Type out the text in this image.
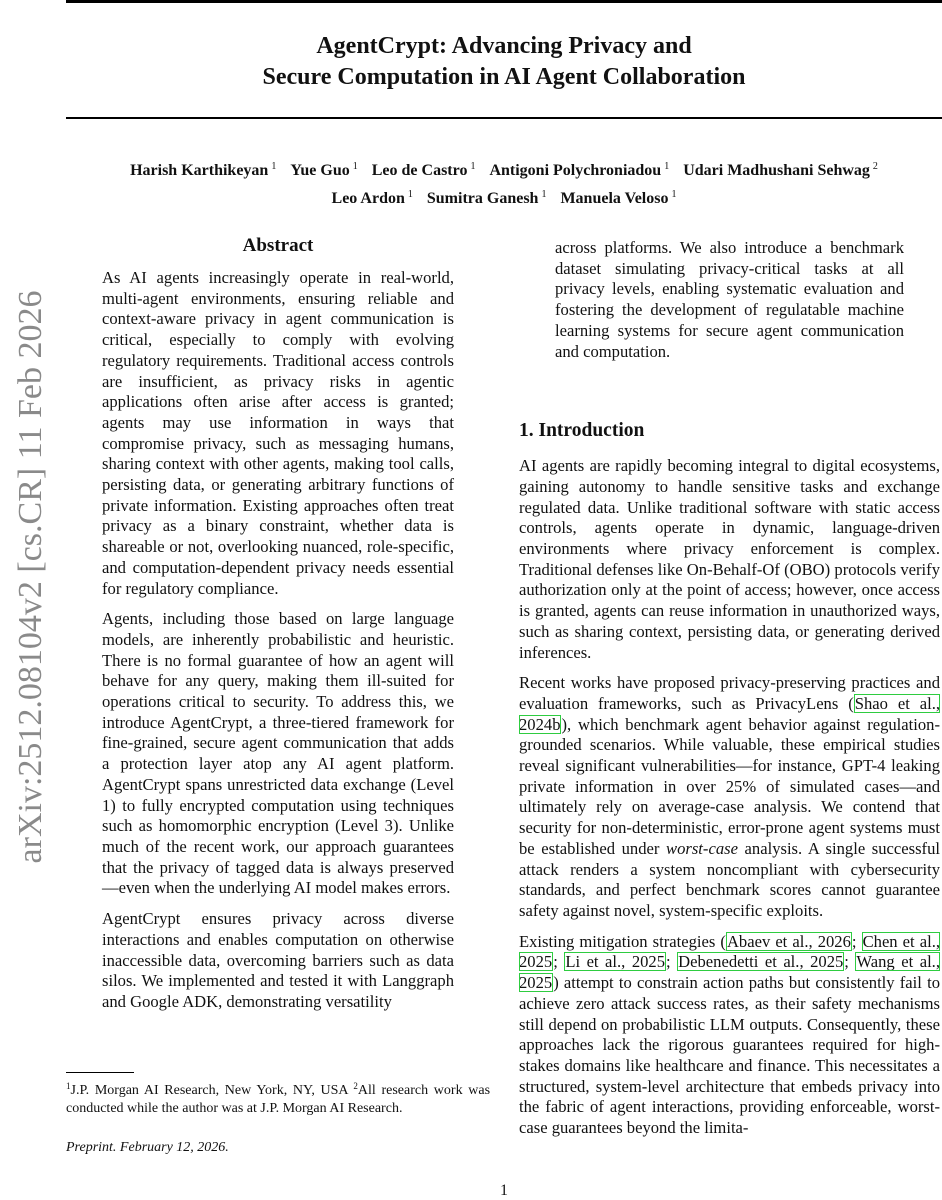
AgentCrypt: Advancing Privacy and
Secure Computation in AI Agent Collaboration
Harish Karthikeyan $^1$ Yue Guo $^1$ Leo de Castro $^1$ Antigoni Polychroniadou $^1$ Udari Madhushani Sehwag $^2$
Leo Ardon $^1$ Sumitra Ganesh $^1$ Manuela Veloso $^1$
arXiv:2512.08104v2 [cs.CR] 11 Feb 2026
Abstract

As AI agents increasingly operate in real-world, multi-agent environments, ensuring reliable and context-aware privacy in agent communication is critical, especially to comply with evolving regulatory requirements. Traditional access controls are insufficient, as privacy risks in agentic applications often arise after access is granted; agents may use information in ways that compromise privacy, such as messaging humans, sharing context with other agents, making tool calls, persisting data, or generating arbitrary functions of private information. Existing approaches often treat privacy as a binary constraint, whether data is shareable or not, overlooking nuanced, role-specific, and computation-dependent privacy needs essential for regulatory compliance.

Agents, including those based on large language models, are inherently probabilistic and heuristic. There is no formal guarantee of how an agent will behave for any query, making them ill-suited for operations critical to security. To address this, we introduce AgentCrypt, a three-tiered framework for fine-grained, secure agent communication that adds a protection layer atop any AI agent platform. AgentCrypt spans unrestricted data exchange (Level 1) to fully encrypted computation using techniques such as homomorphic encryption (Level 3). Unlike much of the recent work, our approach guarantees that the privacy of tagged data is always preserved—even when the underlying AI model makes errors.

AgentCrypt ensures privacy across diverse interactions and enables computation on otherwise inaccessible data, overcoming barriers such as data silos. We implemented and tested it with Langgraph and Google ADK, demonstrating versatility

across platforms. We also introduce a benchmark dataset simulating privacy-critical tasks at all privacy levels, enabling systematic evaluation and fostering the development of regulatable machine learning systems for secure agent communication and computation.

1. Introduction

AI agents are rapidly becoming integral to digital ecosystems, gaining autonomy to handle sensitive tasks and exchange regulated data. Unlike traditional software with static access controls, agents operate in dynamic, language-driven environments where privacy enforcement is complex. Traditional defenses like On-Behalf-Of (OBO) protocols verify authorization only at the point of access; however, once access is granted, agents can reuse information in unauthorized ways, such as sharing context, persisting data, or generating derived inferences.

Recent works have proposed privacy-preserving practices and evaluation frameworks, such as PrivacyLens (Shao et al., 2024b), which benchmark agent behavior against regulation-grounded scenarios. While valuable, these empirical studies reveal significant vulnerabilities—for instance, GPT-4 leaking private information in over 25% of simulated cases—and ultimately rely on average-case analysis. We contend that security for non-deterministic, error-prone agent systems must be established under worst-case analysis. A single successful attack renders a system noncompliant with cybersecurity standards, and perfect benchmark scores cannot guarantee safety against novel, system-specific exploits.

Existing mitigation strategies (Abaev et al., 2026; Chen et al., 2025; Li et al., 2025; Debenedetti et al., 2025; Wang et al., 2025) attempt to constrain action paths but consistently fail to achieve zero attack success rates, as their safety mechanisms still depend on probabilistic LLM outputs. Consequently, these approaches lack the rigorous guarantees required for high-stakes domains like healthcare and finance. This necessitates a structured, system-level architecture that embeds privacy into the fabric of agent interactions, providing enforceable, worst-case guarantees beyond the limita-

$^1$J.P. Morgan AI Research, New York, NY, USA $^2$All research work was conducted while the author was at J.P. Morgan AI Research.
Preprint. February 12, 2026.
1
